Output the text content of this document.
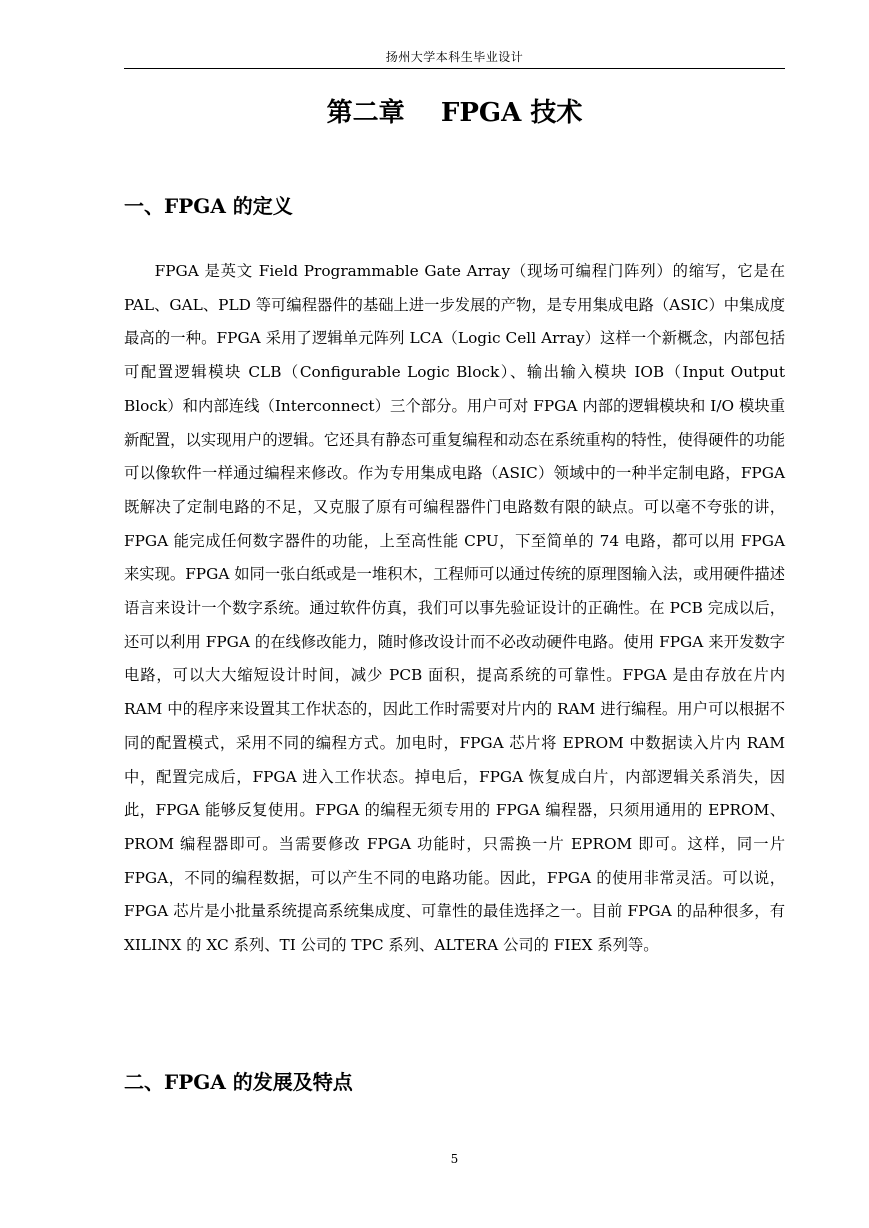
扬州大学本科生毕业设计
第二章    FPGA 技术
一、FPGA 的定义
FPGA 是英文 Field Programmable Gate Array（现场可编程门阵列）的缩写，它是在 PAL、GAL、PLD 等可编程器件的基础上进一步发展的产物，是专用集成电路（ASIC）中集成度最高的一种。FPGA 采用了逻辑单元阵列 LCA（Logic Cell Array）这样一个新概念，内部包括可配置逻辑模块 CLB（Configurable Logic Block）、输出输入模块 IOB（Input Output Block）和内部连线（Interconnect）三个部分。用户可对 FPGA 内部的逻辑模块和 I/O 模块重新配置，以实现用户的逻辑。它还具有静态可重复编程和动态在系统重构的特性，使得硬件的功能可以像软件一样通过编程来修改。作为专用集成电路（ASIC）领域中的一种半定制电路，FPGA 既解决了定制电路的不足，又克服了原有可编程器件门电路数有限的缺点。可以毫不夸张的讲，FPGA 能完成任何数字器件的功能，上至高性能 CPU，下至简单的 74 电路，都可以用 FPGA 来实现。FPGA 如同一张白纸或是一堆积木，工程师可以通过传统的原理图输入法，或用硬件描述语言来设计一个数字系统。通过软件仿真，我们可以事先验证设计的正确性。在 PCB 完成以后，还可以利用 FPGA 的在线修改能力，随时修改设计而不必改动硬件电路。使用 FPGA 来开发数字电路，可以大大缩短设计时间，减少 PCB 面积，提高系统的可靠性。FPGA 是由存放在片内 RAM 中的程序来设置其工作状态的，因此工作时需要对片内的 RAM 进行编程。用户可以根据不同的配置模式，采用不同的编程方式。加电时，FPGA 芯片将 EPROM 中数据读入片内 RAM 中，配置完成后，FPGA 进入工作状态。掉电后，FPGA 恢复成白片，内部逻辑关系消失，因此，FPGA 能够反复使用。FPGA 的编程无须专用的 FPGA 编程器，只须用通用的 EPROM、PROM 编程器即可。当需要修改 FPGA 功能时，只需换一片 EPROM 即可。这样，同一片 FPGA，不同的编程数据，可以产生不同的电路功能。因此，FPGA 的使用非常灵活。可以说，FPGA 芯片是小批量系统提高系统集成度、可靠性的最佳选择之一。目前 FPGA 的品种很多，有 XILINX 的 XC 系列、TI 公司的 TPC 系列、ALTERA 公司的 FIEX 系列等。
二、FPGA 的发展及特点
5
